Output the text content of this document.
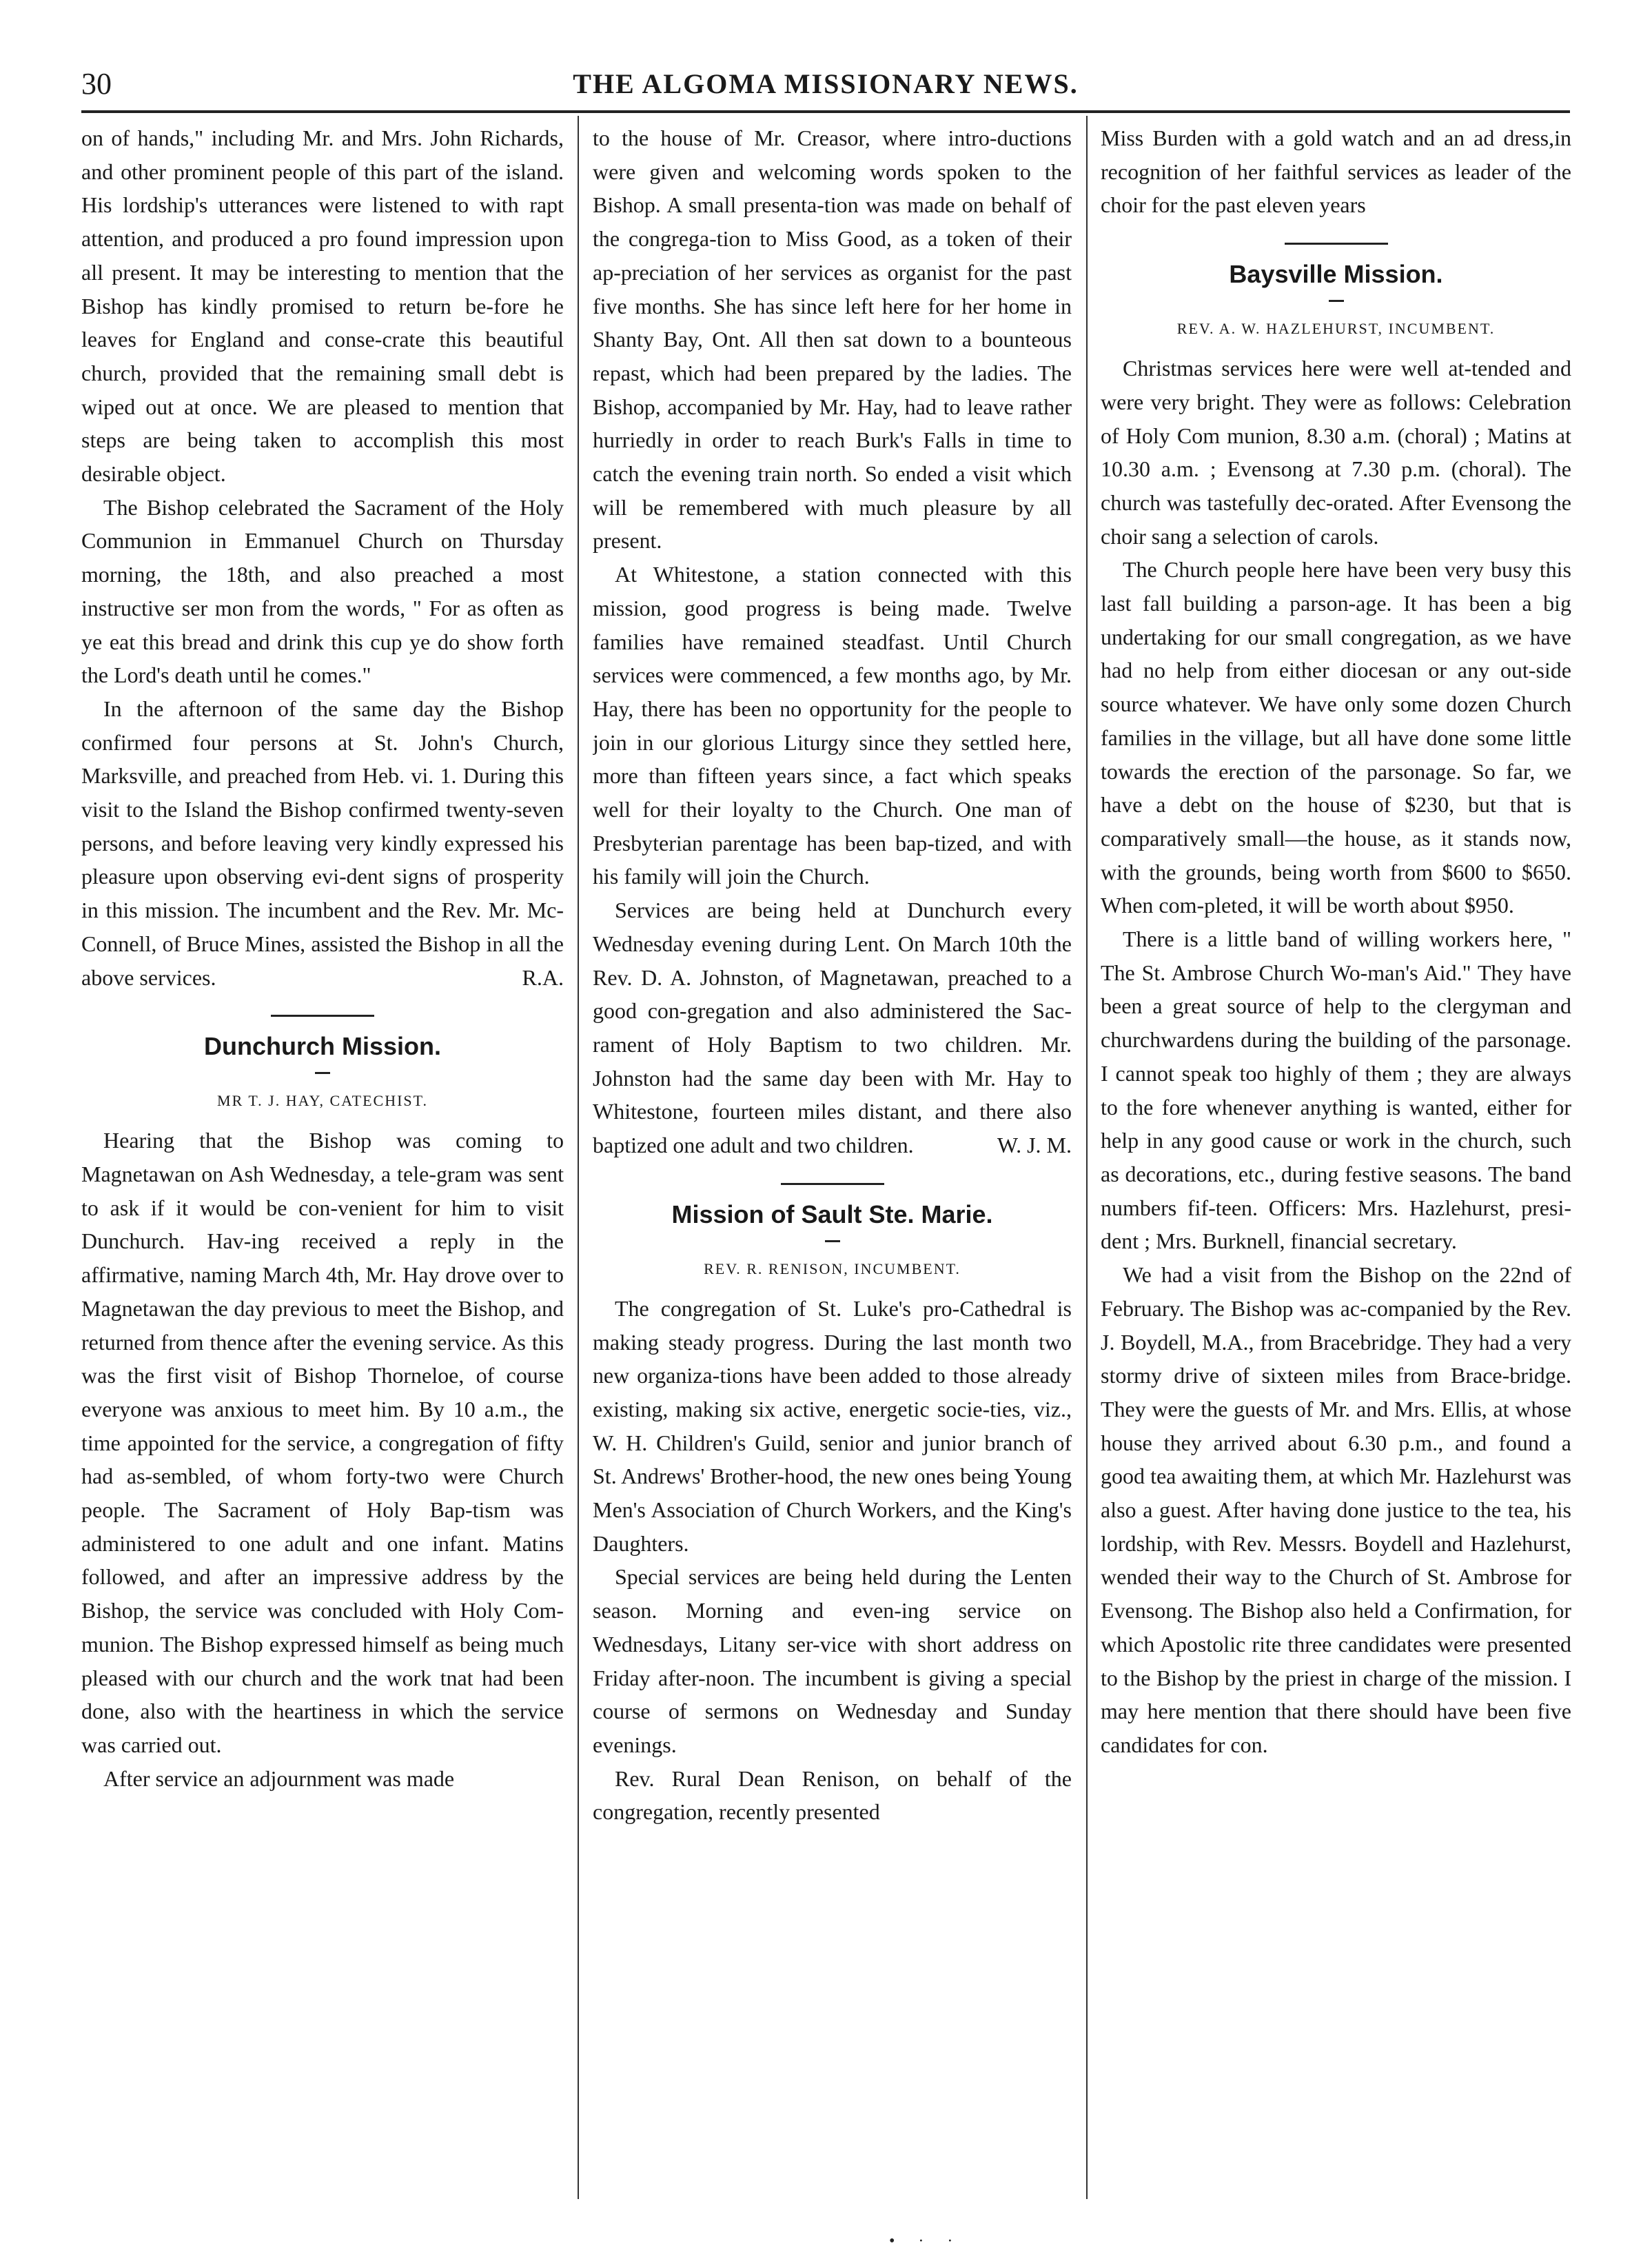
30	THE ALGOMA MISSIONARY NEWS.

on of hands," including Mr. and Mrs. John Richards, and other prominent people of this part of the island. His lordship's utterances were listened to with rapt attention, and produced a pro found impression upon all present. It may be interesting to mention that the Bishop has kindly promised to return be-fore he leaves for England and conse-crate this beautiful church, provided that the remaining small debt is wiped out at once. We are pleased to mention that steps are being taken to accomplish this most desirable object.

The Bishop celebrated the Sacrament of the Holy Communion in Emmanuel Church on Thursday morning, the 18th, and also preached a most instructive ser mon from the words, " For as often as ye eat this bread and drink this cup ye do show forth the Lord's death until he comes."

In the afternoon of the same day the Bishop confirmed four persons at St. John's Church, Marksville, and preached from Heb. vi. 1. During this visit to the Island the Bishop confirmed twenty-seven persons, and before leaving very kindly expressed his pleasure upon observing evi-dent signs of prosperity in this mission. The incumbent and the Rev. Mr. Mc-Connell, of Bruce Mines, assisted the Bishop in all the above services.	R.A.

Dunchurch Mission.
MR T. J. HAY, CATECHIST.

Hearing that the Bishop was coming to Magnetawan on Ash Wednesday, a tele-gram was sent to ask if it would be con-venient for him to visit Dunchurch. Hav-ing received a reply in the affirmative, naming March 4th, Mr. Hay drove over to Magnetawan the day previous to meet the Bishop, and returned from thence after the evening service. As this was the first visit of Bishop Thorneloe, of course everyone was anxious to meet him. By 10 a.m., the time appointed for the service, a congregation of fifty had as-sembled, of whom forty-two were Church people. The Sacrament of Holy Bap-tism was administered to one adult and one infant. Matins followed, and after an impressive address by the Bishop, the service was concluded with Holy Com-munion. The Bishop expressed himself as being much pleased with our church and the work tnat had been done, also with the heartiness in which the service was carried out.

After service an adjournment was made

to the house of Mr. Creasor, where intro-ductions were given and welcoming words spoken to the Bishop. A small presenta-tion was made on behalf of the congrega-tion to Miss Good, as a token of their ap-preciation of her services as organist for the past five months. She has since left here for her home in Shanty Bay, Ont. All then sat down to a bounteous repast, which had been prepared by the ladies. The Bishop, accompanied by Mr. Hay, had to leave rather hurriedly in order to reach Burk's Falls in time to catch the evening train north. So ended a visit which will be remembered with much pleasure by all present.

At Whitestone, a station connected with this mission, good progress is being made. Twelve families have remained steadfast. Until Church services were commenced, a few months ago, by Mr. Hay, there has been no opportunity for the people to join in our glorious Liturgy since they settled here, more than fifteen years since, a fact which speaks well for their loyalty to the Church. One man of Presbyterian parentage has been bap-tized, and with his family will join the Church.

Services are being held at Dunchurch every Wednesday evening during Lent. On March 10th the Rev. D. A. Johnston, of Magnetawan, preached to a good con-gregation and also administered the Sac-rament of Holy Baptism to two children. Mr. Johnston had the same day been with Mr. Hay to Whitestone, fourteen miles distant, and there also baptized one adult and two children.	W. J. M.

Mission of Sault Ste. Marie.
REV. R. RENISON, INCUMBENT.

The congregation of St. Luke's pro-Cathedral is making steady progress. During the last month two new organiza-tions have been added to those already existing, making six active, energetic socie-ties, viz., W. H. Children's Guild, senior and junior branch of St. Andrews' Brother-hood, the new ones being Young Men's Association of Church Workers, and the King's Daughters.

Special services are being held during the Lenten season. Morning and even-ing service on Wednesdays, Litany ser-vice with short address on Friday after-noon. The incumbent is giving a special course of sermons on Wednesday and Sunday evenings.

Rev. Rural Dean Renison, on behalf of the congregation, recently presented

Miss Burden with a gold watch and an ad dress,in recognition of her faithful services as leader of the choir for the past eleven years

Baysville Mission.
REV. A. W. HAZLEHURST, INCUMBENT.

Christmas services here were well at-tended and were very bright. They were as follows: Celebration of Holy Com munion, 8.30 a.m. (choral) ; Matins at 10.30 a.m. ; Evensong at 7.30 p.m. (choral). The church was tastefully dec-orated. After Evensong the choir sang a selection of carols.

The Church people here have been very busy this last fall building a parson-age. It has been a big undertaking for our small congregation, as we have had no help from either diocesan or any out-side source whatever. We have only some dozen Church families in the village, but all have done some little towards the erection of the parsonage. So far, we have a debt on the house of $230, but that is comparatively small—the house, as it stands now, with the grounds, being worth from $600 to $650. When com-pleted, it will be worth about $950.

There is a little band of willing workers here, " The St. Ambrose Church Wo-man's Aid." They have been a great source of help to the clergyman and churchwardens during the building of the parsonage. I cannot speak too highly of them ; they are always to the fore whenever anything is wanted, either for help in any good cause or work in the church, such as decorations, etc., during festive seasons. The band numbers fif-teen. Officers: Mrs. Hazlehurst, presi-dent ; Mrs. Burknell, financial secretary.

We had a visit from the Bishop on the 22nd of February. The Bishop was ac-companied by the Rev. J. Boydell, M.A., from Bracebridge. They had a very stormy drive of sixteen miles from Brace-bridge. They were the guests of Mr. and Mrs. Ellis, at whose house they arrived about 6.30 p.m., and found a good tea awaiting them, at which Mr. Hazlehurst was also a guest. After having done justice to the tea, his lordship, with Rev. Messrs. Boydell and Hazlehurst, wended their way to the Church of St. Ambrose for Evensong. The Bishop also held a Confirmation, for which Apostolic rite three candidates were presented to the Bishop by the priest in charge of the mission. I may here mention that there should have been five candidates for con.

• · ·
